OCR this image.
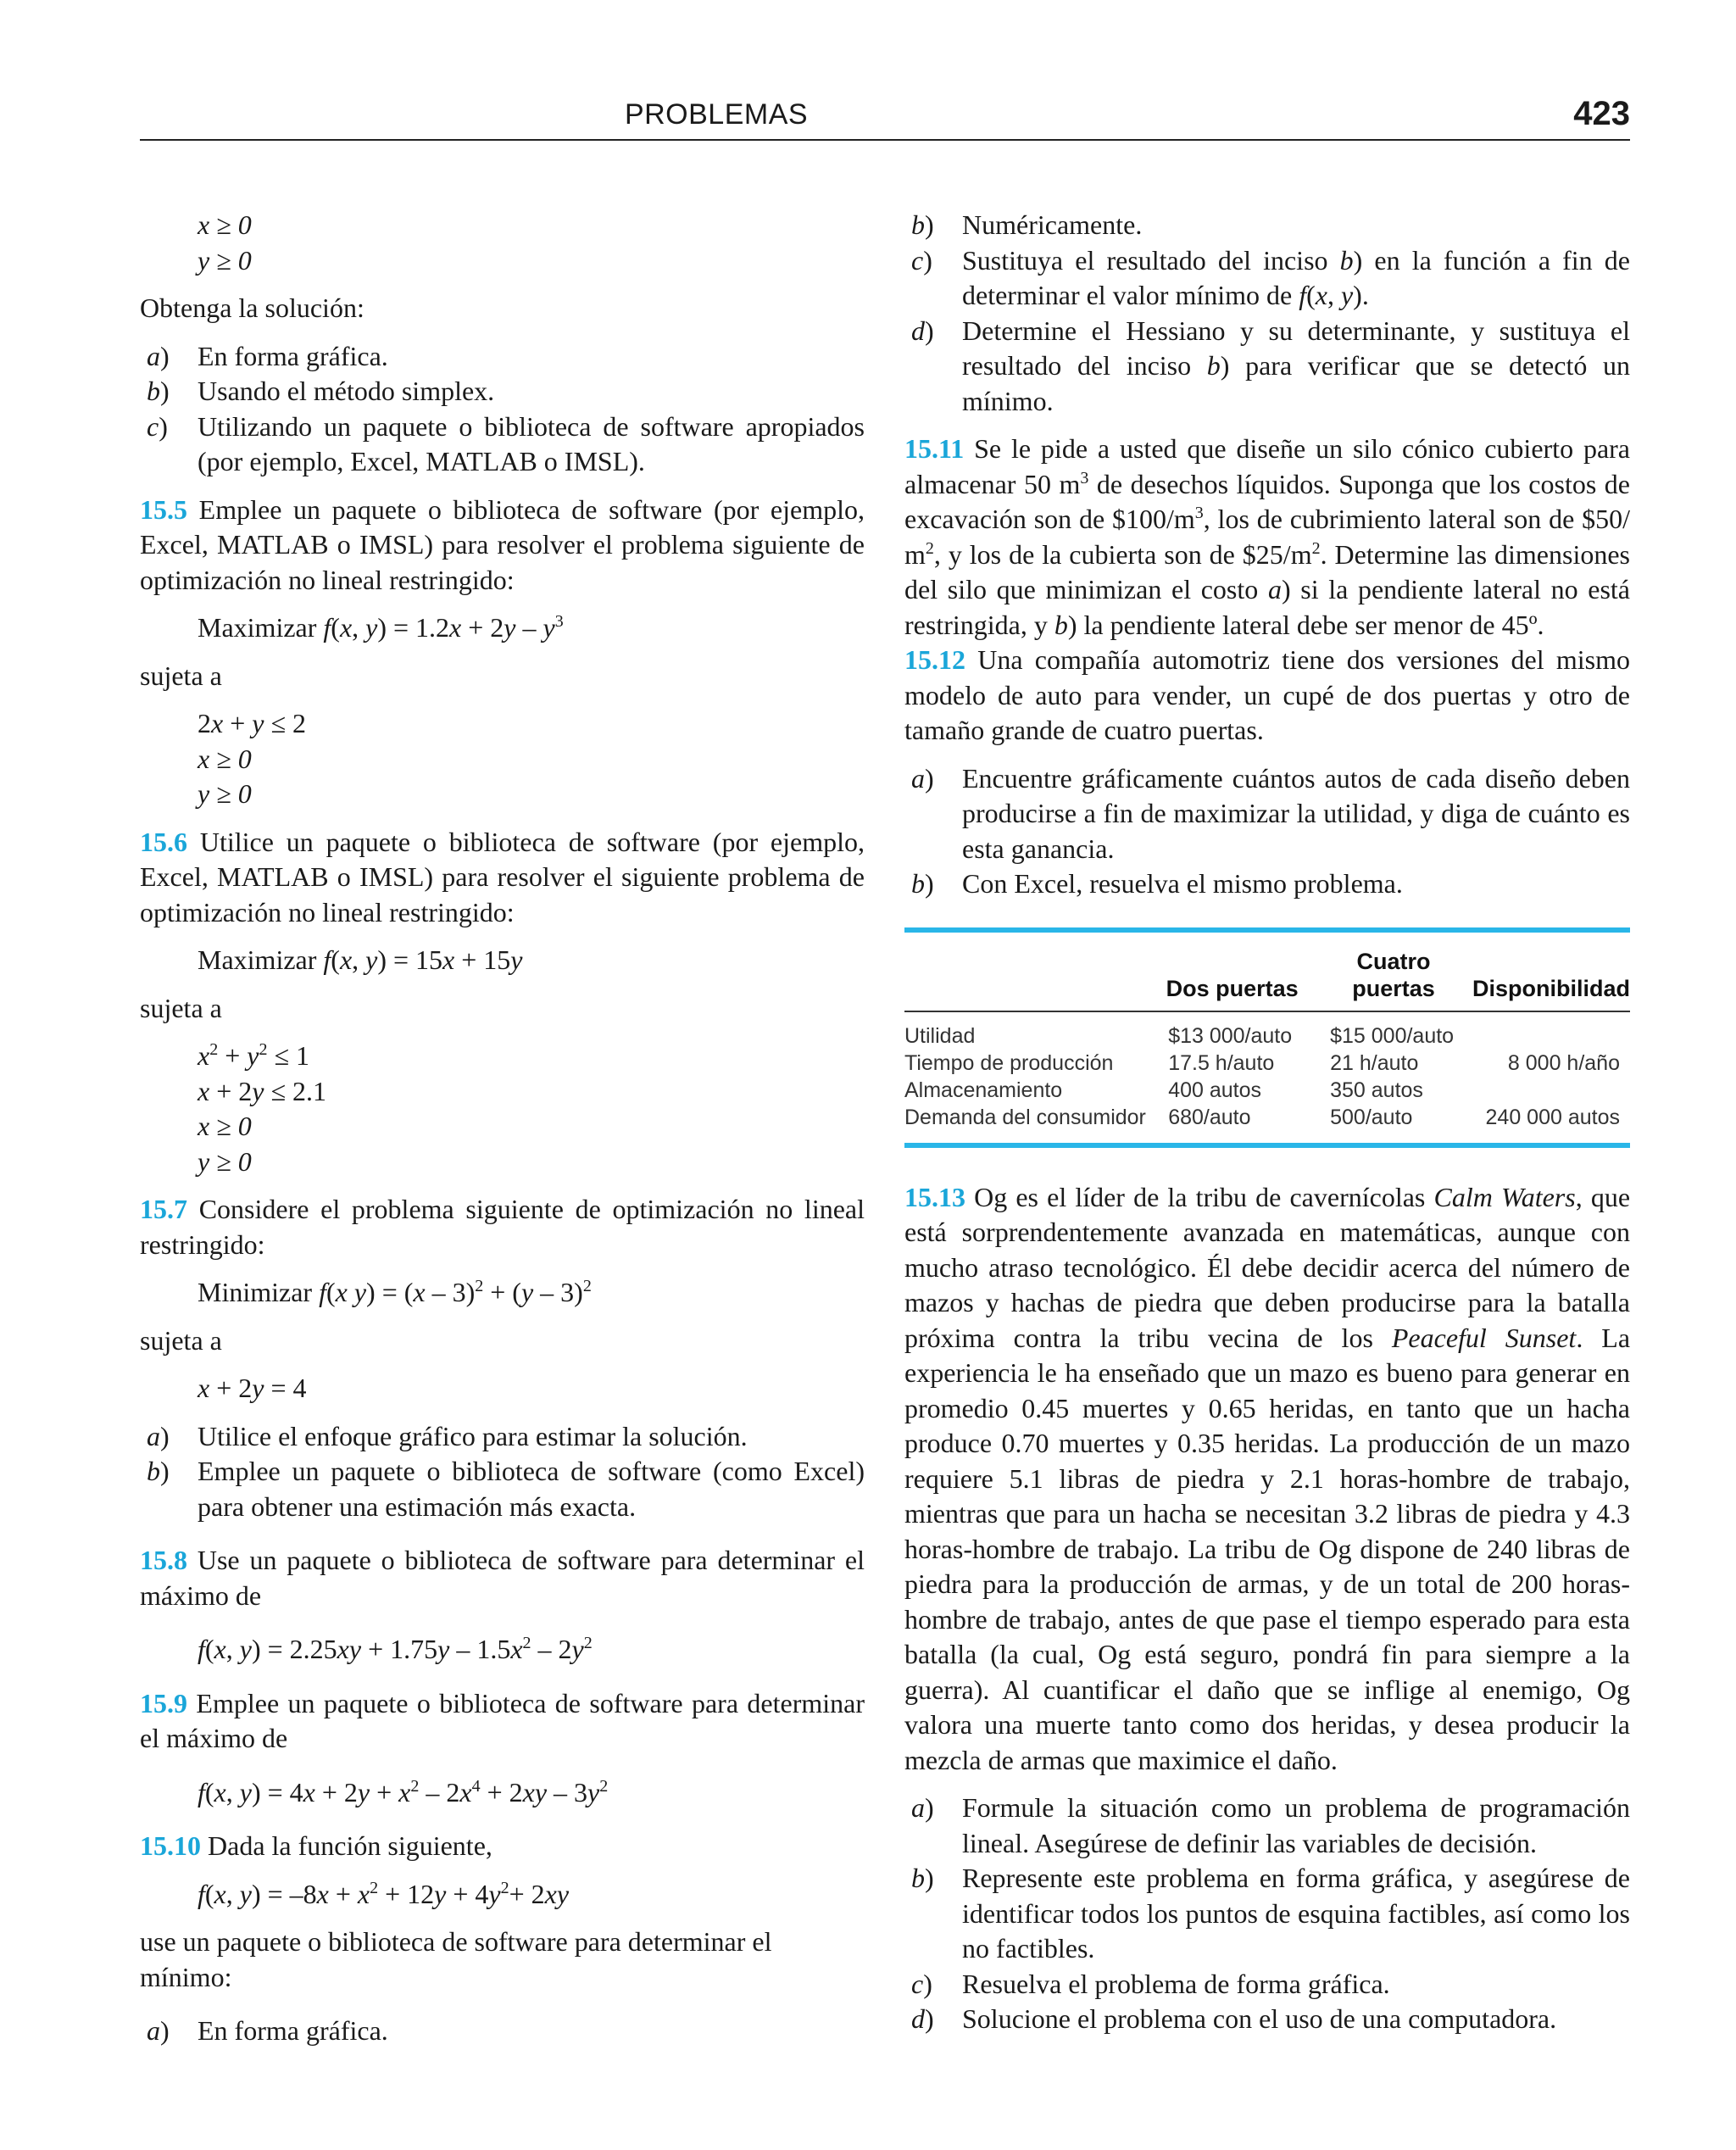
PROBLEMAS	423

x ≥ 0

y ≥ 0

Obtenga la solución:

a) En forma gráfica.
b) Usando el método simplex.
c) Utilizando un paquete o biblioteca de software apropiados (por ejemplo, Excel, MATLAB o IMSL).

15.5 Emplee un paquete o biblioteca de software (por ejemplo, Excel, MATLAB o IMSL) para resolver el problema siguiente de optimización no lineal restringido:

Maximizar f(x, $y) = 1.2x + 2y - y^3$

sujeta a

2x + y ≤ 2

x ≥ 0

y ≥ 0

15.6 Utilice un paquete o biblioteca de software (por ejemplo, Excel, MATLAB o IMSL) para resolver el siguiente problema de optimización no lineal restringido:

Maximizar f(x, y) = 15x + 15y

sujeta a

$x^2 + y^2 \le 1$

x + 2y ≤ 2.1

x ≥ 0

y ≥ 0

15.7 Considere el problema siguiente de optimización no lineal restringido:

Minimizar f(x y) = (x – 3)$^2$ + (y – 3)$^2$

sujeta a

x + 2y = 4

a) Utilice el enfoque gráfico para estimar la solución.
b) Emplee un paquete o biblioteca de software (como Excel) para obtener una estimación más exacta.

15.8 Use un paquete o biblioteca de software para determinar el máximo de

f(x, $y) = 2.25xy + 1.75y - 1.5x^2 - 2y^2$

15.9 Emplee un paquete o biblioteca de software para determinar el máximo de

f(x, $y) = 4x + 2y + x^2 - 2x^4 + 2xy - 3y^2$

15.10 Dada la función siguiente,

f(x, $y) = -8x + x^2 + 12y + 4y^2+ 2xy$

use un paquete o biblioteca de software para determinar el mínimo:

a) En forma gráfica.
b) Numéricamente.
c) Sustituya el resultado del inciso b) en la función a fin de determinar el valor mínimo de f(x, y).
d) Determine el Hessiano y su determinante, y sustituya el resultado del inciso b) para verificar que se detectó un mínimo.

15.11 Se le pide a usted que diseñe un silo cónico cubierto para almacenar 50 $m^3$ de desechos líquidos. Suponga que los costos de excavación son de $\$100/m^3$, los de cubrimiento lateral son de $50/ $m^2$, y los de la cubierta son de $\$25/m^2$. Determine las dimensiones del silo que minimizan el costo a) si la pendiente lateral no está restringida, y b) la pendiente lateral debe ser menor de 45º.

15.12 Una compañía automotriz tiene dos versiones del mismo modelo de auto para vender, un cupé de dos puertas y otro de tamaño grande de cuatro puertas.

a) Encuentre gráficamente cuántos autos de cada diseño deben producirse a fin de maximizar la utilidad, y diga de cuánto es esta ganancia.
b) Con Excel, resuelva el mismo problema.
	Dos puertas	Cuatro puertas	Disponibilidad
Utilidad	$13 000/auto	$15 000/auto	
Tiempo de producción	17.5 h/auto	21 h/auto	8 000 h/año
Almacenamiento	400 autos	350 autos	
Demanda del consumidor	680/auto	500/auto	240 000 autos

15.13 Og es el líder de la tribu de cavernícolas Calm Waters, que está sorprendentemente avanzada en matemáticas, aunque con mucho atraso tecnológico. Él debe decidir acerca del número de mazos y hachas de piedra que deben producirse para la batalla próxima contra la tribu vecina de los Peaceful Sunset. La experiencia le ha enseñado que un mazo es bueno para generar en promedio 0.45 muertes y 0.65 heridas, en tanto que un hacha produce 0.70 muertes y 0.35 heridas. La producción de un mazo requiere 5.1 libras de piedra y 2.1 horas-hombre de trabajo, mientras que para un hacha se necesitan 3.2 libras de piedra y 4.3 horas-hombre de trabajo. La tribu de Og dispone de 240 libras de piedra para la producción de armas, y de un total de 200 horas-hombre de trabajo, antes de que pase el tiempo esperado para esta batalla (la cual, Og está seguro, pondrá fin para siempre a la guerra). Al cuantificar el daño que se inflige al enemigo, Og valora una muerte tanto como dos heridas, y desea producir la mezcla de armas que maximice el daño.

a) Formule la situación como un problema de programación lineal. Asegúrese de definir las variables de decisión.
b) Represente este problema en forma gráfica, y asegúrese de identificar todos los puntos de esquina factibles, así como los no factibles.
c) Resuelva el problema de forma gráfica.
d) Solucione el problema con el uso de una computadora.
